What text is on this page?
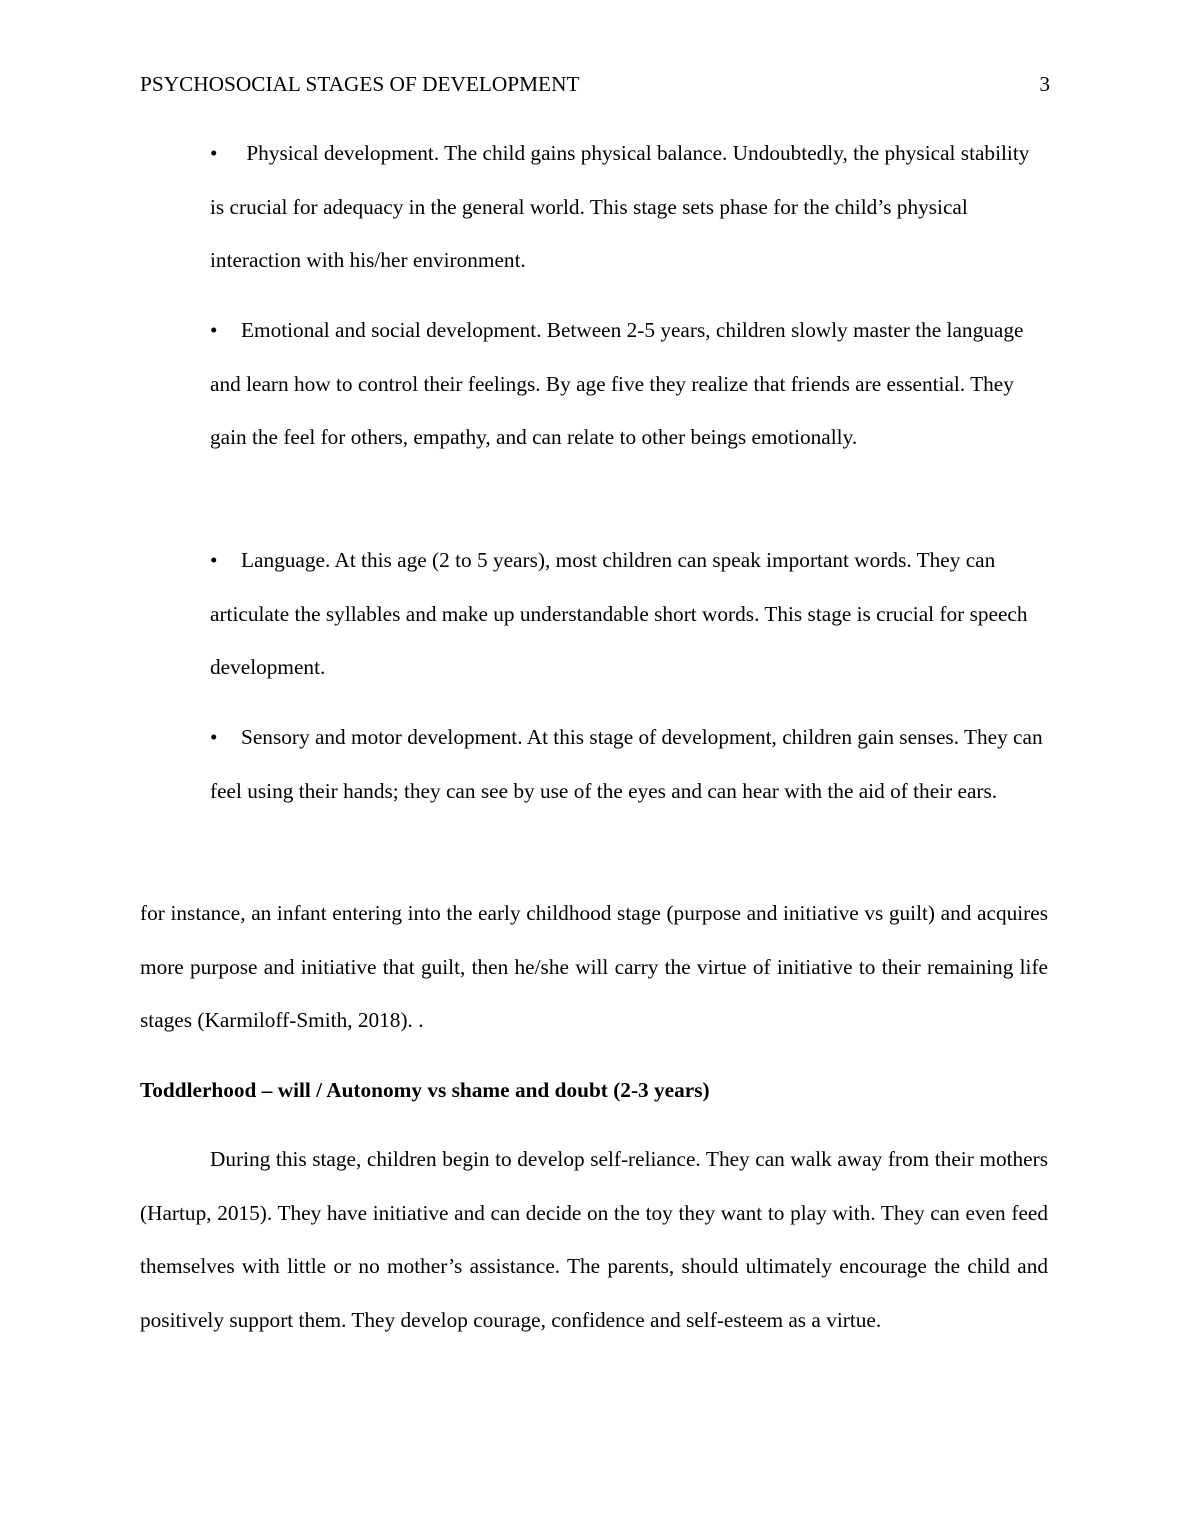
PSYCHOSOCIAL STAGES OF DEVELOPMENT	3

• Physical development. The child gains physical balance. Undoubtedly, the physical stability is crucial for adequacy in the general world. This stage sets phase for the child’s physical interaction with his/her environment.

• Emotional and social development. Between 2-5 years, children slowly master the language and learn how to control their feelings. By age five they realize that friends are essential. They gain the feel for others, empathy, and can relate to other beings emotionally.

• Language. At this age (2 to 5 years), most children can speak important words. They can articulate the syllables and make up understandable short words. This stage is crucial for speech development.

• Sensory and motor development. At this stage of development, children gain senses. They can feel using their hands; they can see by use of the eyes and can hear with the aid of their ears.

for instance, an infant entering into the early childhood stage (purpose and initiative vs guilt) and acquires more purpose and initiative that guilt, then he/she will carry the virtue of initiative to their remaining life stages (Karmiloff-Smith, 2018). .

Toddlerhood – will / Autonomy vs shame and doubt (2-3 years)

During this stage, children begin to develop self-reliance. They can walk away from their mothers (Hartup, 2015). They have initiative and can decide on the toy they want to play with. They can even feed themselves with little or no mother’s assistance. The parents, should ultimately encourage the child and positively support them. They develop courage, confidence and self-esteem as a virtue.
